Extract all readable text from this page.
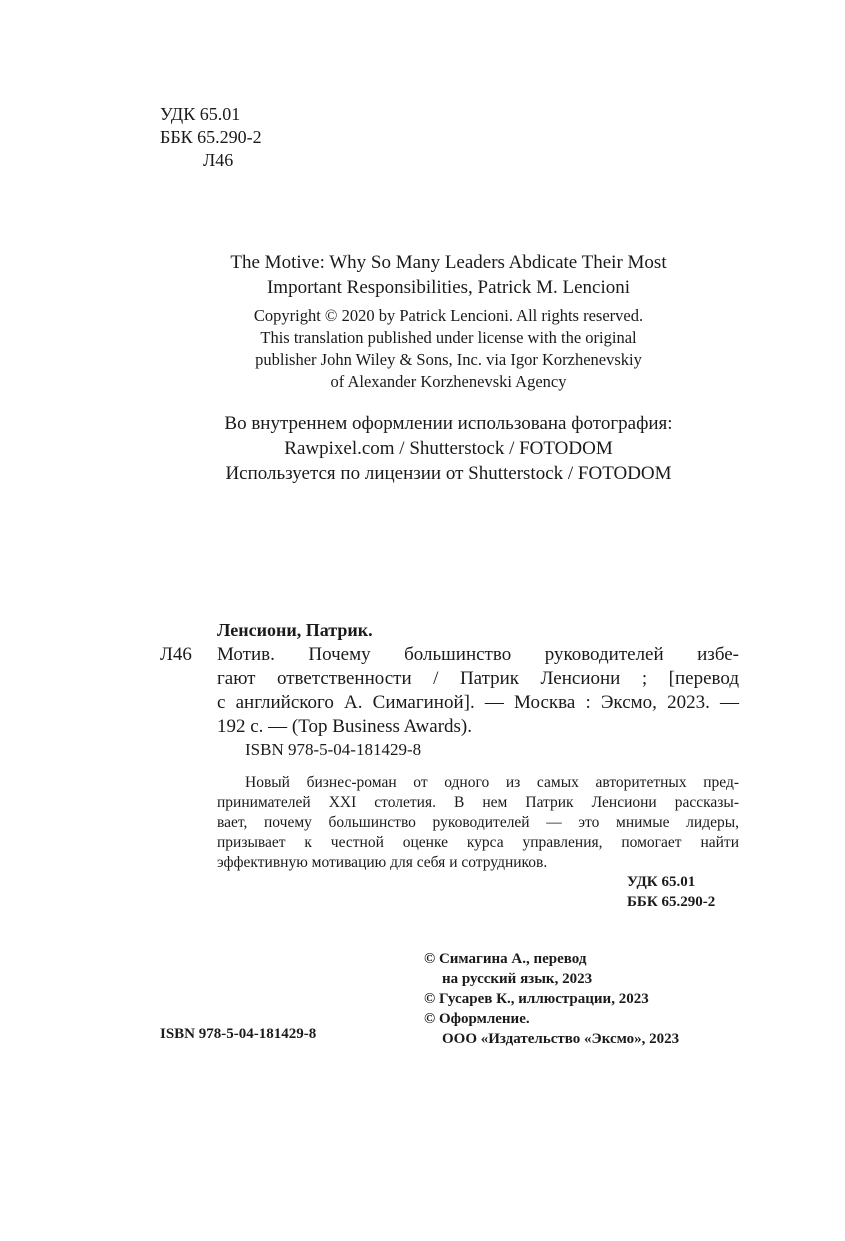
УДК 65.01
ББК 65.290-2
Л46
The Motive: Why So Many Leaders Abdicate Their Most
Important Responsibilities, Patrick M. Lencioni
Copyright © 2020 by Patrick Lencioni. All rights reserved.
This translation published under license with the original
publisher John Wiley & Sons, Inc. via Igor Korzhenevskiy
of Alexander Korzhenevski Agency
Во внутреннем оформлении использована фотография:
Rawpixel.com / Shutterstock / FOTODOM
Используется по лицензии от Shutterstock / FOTODOM
Ленсиони, Патрик.
Л46 Мотив. Почему большинство руководителей избе-
гают ответственности / Патрик Ленсиони ; [перевод
с английского А. Симагиной]. — Москва : Эксмо, 2023. —
192 с. — (Top Business Awards).
ISBN 978-5-04-181429-8
Новый бизнес-роман от одного из самых авторитетных пред-
принимателей XXI столетия. В нем Патрик Ленсиони рассказы-
вает, почему большинство руководителей — это мнимые лидеры,
призывает к честной оценке курса управления, помогает найти
эффективную мотивацию для себя и сотрудников.
УДК 65.01
ББК 65.290-2
© Симагина А., перевод
на русский язык, 2023
© Гусарев К., иллюстрации, 2023
© Оформление.
ООО «Издательство «Эксмо», 2023
ISBN 978-5-04-181429-8
